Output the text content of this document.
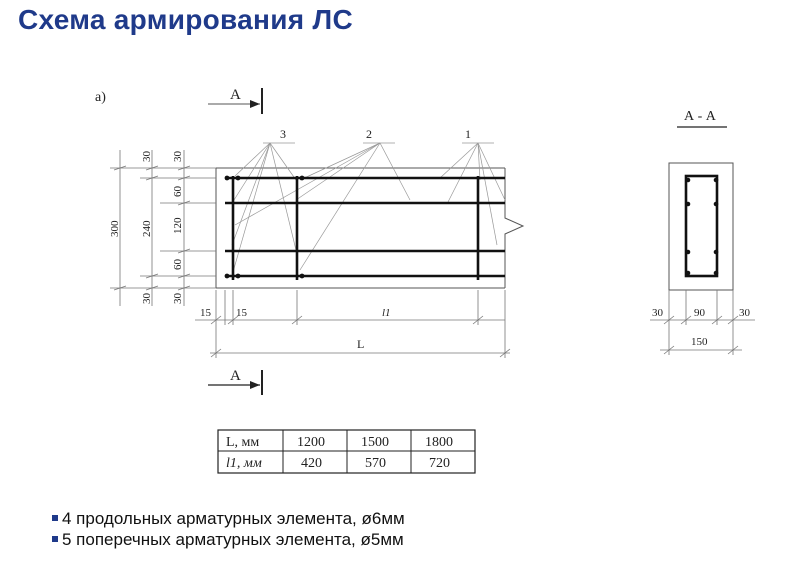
Схема армирования ЛС
а)	А
А
3	2	1
30 30
300 240
60
120
60
30 30
15 15	l1
L
А - А
30	90	30
150
L, мм	1200	1500	1800
l1, мм	420	570	720
4 продольных арматурных элемента, ø6мм
5 поперечных арматурных элемента, ø5мм
